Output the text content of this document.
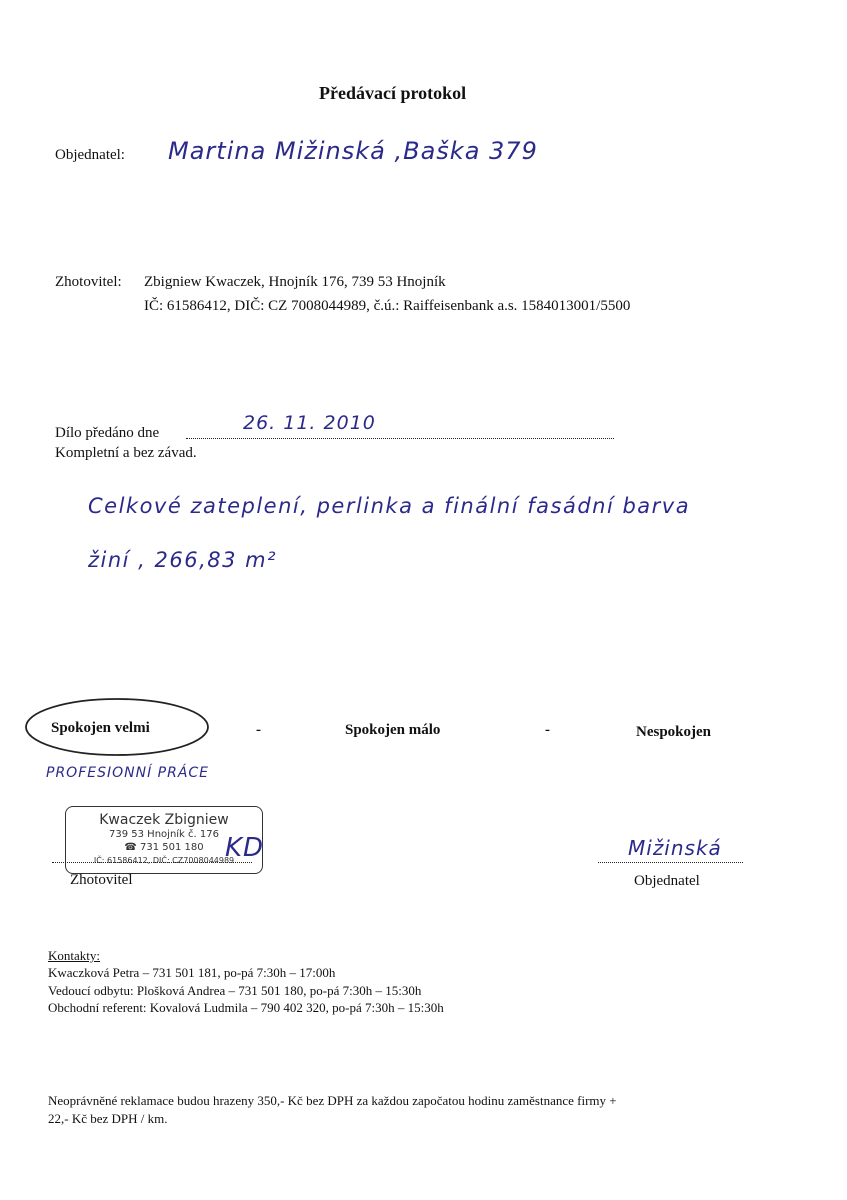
Předávací protokol
Objednatel: Martina Mižinská ,Baška 379
Zhotovitel: Zbigniew Kwaczek, Hnojník 176, 739 53 Hnojník
IČ: 61586412, DIČ: CZ 7008044989, č.ú.: Raiffeisenbank a.s. 1584013001/5500
Dílo předáno dne	26. 11. 2010
Kompletní a bez závad.
Celkové zateplení, perlinka a finální fasádní barva
žiní , 266,83 m²
Spokojen velmi	-	Spokojen málo	-	Nespokojen
PROFESIONNÍ PRÁCE
Kwaczek Zbigniew
739 53 Hnojník č. 176
☎ 731 501 180
IČ: 61586412, DIČ: CZ7008044989
KD
Zhotovitel
Mižinská
Objednatel
Kontakty:
Kwaczková Petra – 731 501 181, po-pá 7:30h – 17:00h
Vedoucí odbytu: Plošková Andrea – 731 501 180, po-pá 7:30h – 15:30h
Obchodní referent: Kovalová Ludmila – 790 402 320, po-pá 7:30h – 15:30h
Neoprávněné reklamace budou hrazeny 350,- Kč bez DPH za každou započatou hodinu zaměstnance firmy +
22,- Kč bez DPH / km.
